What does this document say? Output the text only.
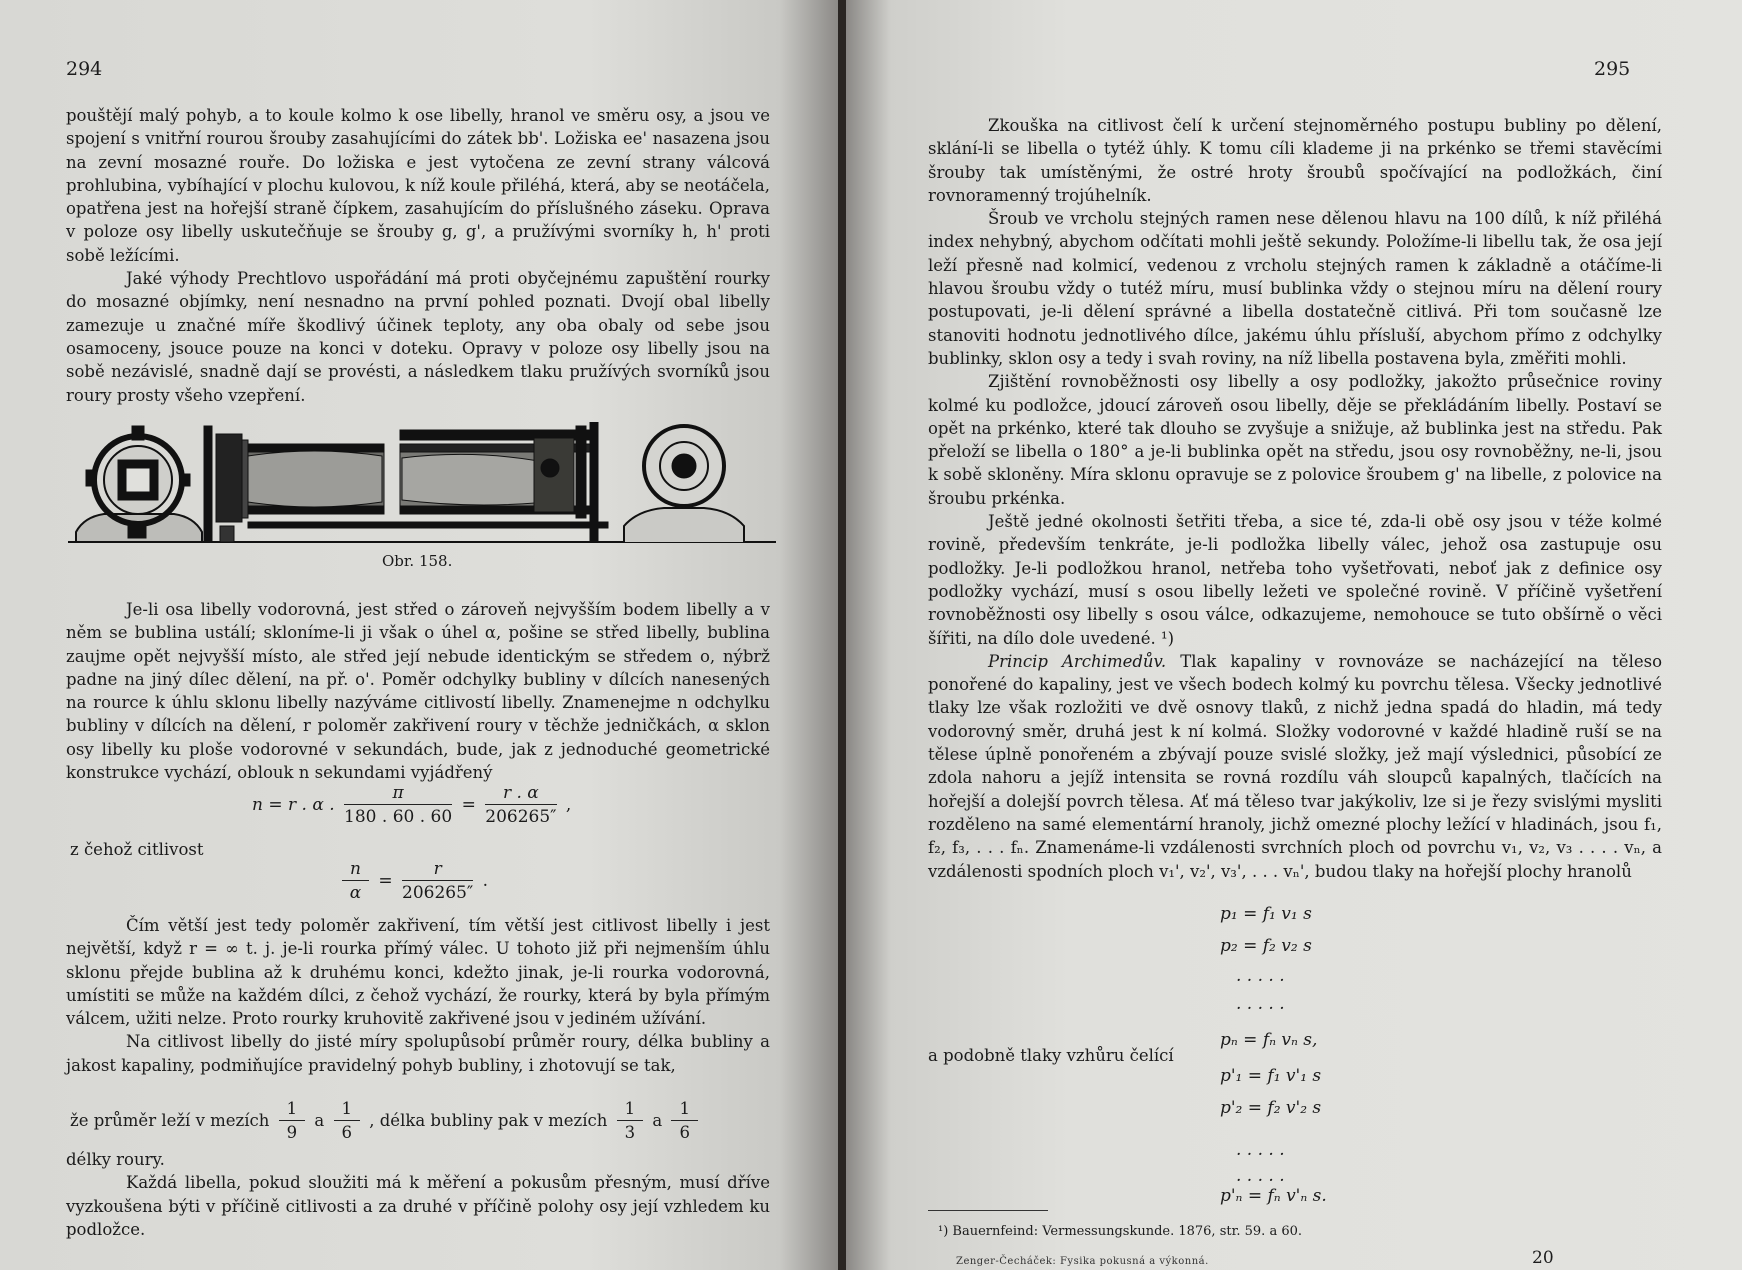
294

pouštějí malý pohyb, a to koule kolmo k ose libelly, hranol ve směru osy, a jsou ve spojení s vnitřní rourou šrouby zasahujícími do zátek bb'. Ložiska ee' nasazena jsou na zevní mosazné rouře. Do ložiska e jest vytočena ze zevní strany válcová prohlubina, vybíhající v plochu kulovou, k níž koule přiléhá, která, aby se neotáčela, opatřena jest na hořejší straně čípkem, zasahujícím do příslušného záseku. Oprava v poloze osy libelly uskutečňuje se šrouby g, g', a pružívými svorníky h, h' proti sobě ležícími.

Jaké výhody Prechtlovo uspořádání má proti obyčejnému zapuštění rourky do mosazné objímky, není nesnadno na první pohled poznati. Dvojí obal libelly zamezuje u značné míře škodlivý účinek teploty, any oba obaly od sebe jsou osamoceny, jsouce pouze na konci v doteku. Opravy v poloze osy libelly jsou na sobě nezávislé, snadně dají se provésti, a následkem tlaku pružívých svorníků jsou roury prosty všeho vzepření.

Obr. 158.

Je-li osa libelly vodorovná, jest střed o zároveň nejvyšším bodem libelly a v něm se bublina ustálí; skloníme-li ji však o úhel α, pošine se střed libelly, bublina zaujme opět nejvyšší místo, ale střed její nebude identickým se středem o, nýbrž padne na jiný dílec dělení, na př. o'. Poměr odchylky bubliny v dílcích nanesených na rource k úhlu sklonu libelly nazýváme citlivostí libelly. Znamenejme n odchylku bubliny v dílcích na dělení, r poloměr zakřivení roury v těchže jedničkách, α sklon osy libelly ku ploše vodorovné v sekundách, bude, jak z jednoduché geometrické konstrukce vychází, oblouk n sekundami vyjádřený

n = r . α . $\frac{\pi}{180 . 60 . 60} = \frac{r . \alpha}{206265''}$ ,
z čehož citlivost
$\frac{n}{\alpha} = \frac{r}{206265''}$ .

Čím větší jest tedy poloměr zakřivení, tím větší jest citlivost libelly i jest největší, když r = ∞ t. j. je-li rourka přímý válec. U tohoto již při nejmenším úhlu sklonu přejde bublina až k druhému konci, kdežto jinak, je-li rourka vodorovná, umístiti se může na každém dílci, z čehož vychází, že rourky, která by byla přímým válcem, užiti nelze. Proto rourky kruhovitě zakřivené jsou v jediném užívání.

Na citlivost libelly do jisté míry spolupůsobí průměr roury, délka bubliny a jakost kapaliny, podmiňujíce pravidelný pohyb bubliny, i zhotovují se tak,

že průměr leží v mezích $\frac{1}{9}$ a $\frac{1}{6}$ , délka bubliny pak v mezích $\frac{1}{3}$ a $\frac{1}{6}$

délky roury.

Každá libella, pokud sloužiti má k měření a pokusům přesným, musí dříve vyzkoušena býti v příčině citlivosti a za druhé v příčině polohy osy její vzhledem ku podložce.

295

Zkouška na citlivost čelí k určení stejnoměrného postupu bubliny po dělení, sklání-li se libella o tytéž úhly. K tomu cíli klademe ji na prkénko se třemi stavěcími šrouby tak umístěnými, že ostré hroty šroubů spočívající na podložkách, činí rovnoramenný trojúhelník.

Šroub ve vrcholu stejných ramen nese dělenou hlavu na 100 dílů, k níž přiléhá index nehybný, abychom odčítati mohli ještě sekundy. Položíme-li libellu tak, že osa její leží přesně nad kolmicí, vedenou z vrcholu stejných ramen k základně a otáčíme-li hlavou šroubu vždy o tutéž míru, musí bublinka vždy o stejnou míru na dělení roury postupovati, je-li dělení správné a libella dostatečně citlivá. Při tom současně lze stanoviti hodnotu jednotlivého dílce, jakému úhlu přísluší, abychom přímo z odchylky bublinky, sklon osy a tedy i svah roviny, na níž libella postavena byla, změřiti mohli.

Zjištění rovnoběžnosti osy libelly a osy podložky, jakožto průsečnice roviny kolmé ku podložce, jdoucí zároveň osou libelly, děje se překládáním libelly. Postaví se opět na prkénko, které tak dlouho se zvyšuje a snižuje, až bublinka jest na středu. Pak přeloží se libella o 180° a je-li bublinka opět na středu, jsou osy rovnoběžny, ne-li, jsou k sobě skloněny. Míra sklonu opravuje se z polovice šroubem g' na libelle, z polovice na šroubu prkénka.

Ještě jedné okolnosti šetřiti třeba, a sice té, zda-li obě osy jsou v téže kolmé rovině, především tenkráte, je-li podložka libelly válec, jehož osa zastupuje osu podložky. Je-li podložkou hranol, netřeba toho vyšetřovati, neboť jak z definice osy podložky vychází, musí s osou libelly ležeti ve společné rovině. V příčině vyšetření rovnoběžnosti osy libelly s osou válce, odkazujeme, nemohouce se tuto obšírně o věci šířiti, na dílo dole uvedené. ¹)

Princip Archimedův. Tlak kapaliny v rovnováze se nacházející na těleso ponořené do kapaliny, jest ve všech bodech kolmý ku povrchu tělesa. Všecky jednotlivé tlaky lze však rozložiti ve dvě osnovy tlaků, z nichž jedna spadá do hladin, má tedy vodorovný směr, druhá jest k ní kolmá. Složky vodorovné v každé hladině ruší se na tělese úplně ponořeném a zbývají pouze svislé složky, jež mají výslednici, působící ze zdola nahoru a jejíž intensita se rovná rozdílu váh sloupců kapalných, tlačících na hořejší a dolejší povrch tělesa. Ať má těleso tvar jakýkoliv, lze si je řezy svislými mysliti rozděleno na samé elementární hranoly, jichž omezné plochy ležící v hladinách, jsou f₁, f₂, f₃, . . . fₙ. Znamenáme-li vzdálenosti svrchních ploch od povrchu v₁, v₂, v₃ . . . . vₙ, a vzdálenosti spodních ploch v₁', v₂', v₃', . . . vₙ', budou tlaky na hořejší plochy hranolů

p₁ = f₁ v₁ s
p₂ = f₂ v₂ s
. . . . .
. . . . .
pₙ = fₙ vₙ s,
a podobně tlaky vzhůru čelící
p'₁ = f₁ v'₁ s
p'₂ = f₂ v'₂ s
. . . . .
. . . . .
p'ₙ = fₙ v'ₙ s.
¹) Bauernfeind: Vermessungskunde. 1876, str. 59. a 60.
Zenger-Čecháček: Fysika pokusná a výkonná.	20
